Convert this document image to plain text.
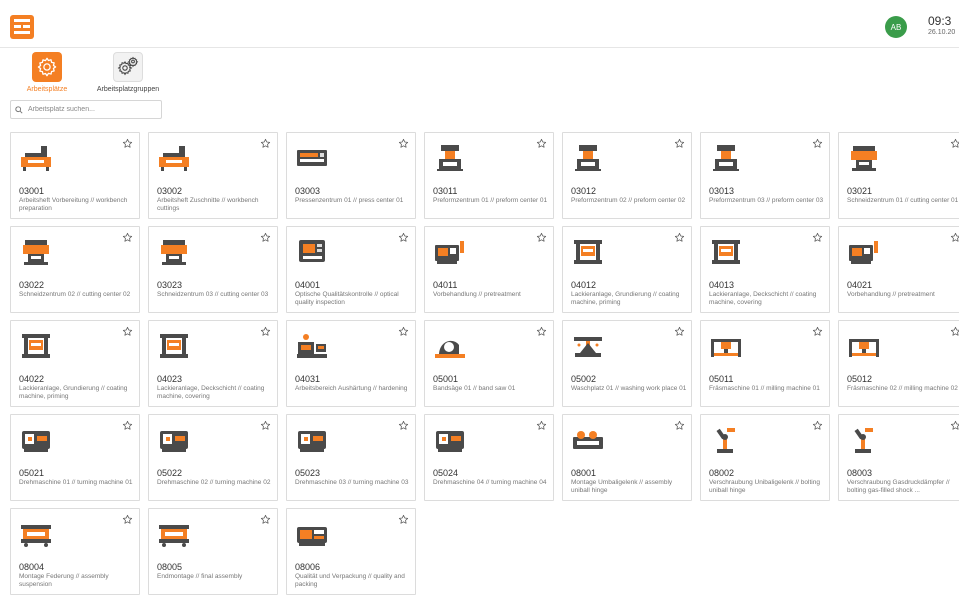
AB	09:3
26.10.20
Arbeitsplätze	Arbeitsplatzgruppen
Arbeitsplatz suchen...
03001
Arbeitsheft Vorbereitung // workbench preparation
03002
Arbeitsheft Zuschnitte // workbench cuttings
03003
Pressenzentrum 01 // press center 01
03011
Preformzentrum 01 // preform center 01
03012
Preformzentrum 02 // preform center 02
03013
Preformzentrum 03 // preform center 03
03021
Schneidzentrum 01 // cutting center 01
03022
Schneidzentrum 02 // cutting center 02
03023
Schneidzentrum 03 // cutting center 03
04001
Optische Qualitätskontrolle // optical quality inspection
04011
Vorbehandlung // pretreatment
04012
Lackieranlage, Grundierung // coating machine, priming
04013
Lackieranlage, Deckschicht // coating machine, covering
04021
Vorbehandlung // pretreatment
04022
Lackieranlage, Grundierung // coating machine, priming
04023
Lackieranlage, Deckschicht // coating machine, covering
04031
Arbeitsbereich Aushärtung // hardening
05001
Bandsäge 01 // band saw 01
05002
Waschplatz 01 // washing work place 01
05011
Fräsmaschine 01 // milling machine 01
05012
Fräsmaschine 02 // milling machine 02
05021
Drehmaschine 01 // turning machine 01
05022
Drehmaschine 02 // turning machine 02
05023
Drehmaschine 03 // turning machine 03
05024
Drehmaschine 04 // turning machine 04
08001
Montage Umbaligelenk // assembly uniball hinge
08002
Verschraubung Unibaligelenk // bolting uniball hinge
08003
Verschraubung Gasdruckdämpfer // bolting gas-filled shock ...
08004
Montage Federung // assembly suspension
08005
Endmontage // final assembly
08006
Qualität und Verpackung // quality and packing
